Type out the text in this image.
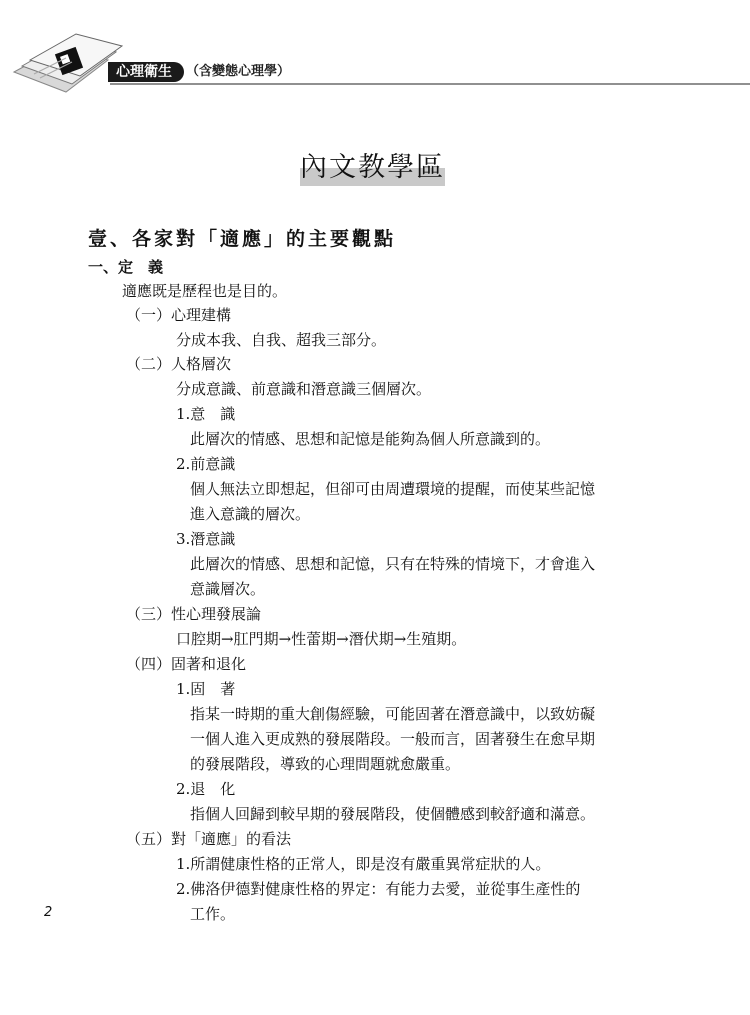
心理衛生	（含變態心理學）
內文教學區
壹、各家對「適應」的主要觀點
一、定　義
適應既是歷程也是目的。
（一）心理建構
分成本我、自我、超我三部分。
（二）人格層次
分成意識、前意識和潛意識三個層次。
1.意　識
此層次的情感、思想和記憶是能夠為個人所意識到的。
2.前意識
個人無法立即想起，但卻可由周遭環境的提醒，而使某些記憶
進入意識的層次。
3.潛意識
此層次的情感、思想和記憶，只有在特殊的情境下，才會進入
意識層次。
（三）性心理發展論
口腔期→肛門期→性蕾期→潛伏期→生殖期。
（四）固著和退化
1.固　著
指某一時期的重大創傷經驗，可能固著在潛意識中，以致妨礙
一個人進入更成熟的發展階段。一般而言，固著發生在愈早期
的發展階段，導致的心理問題就愈嚴重。
2.退　化
指個人回歸到較早期的發展階段，使個體感到較舒適和滿意。
（五）對「適應」的看法
1.所謂健康性格的正常人，即是沒有嚴重異常症狀的人。
2.佛洛伊德對健康性格的界定：有能力去愛，並從事生產性的
工作。
2
